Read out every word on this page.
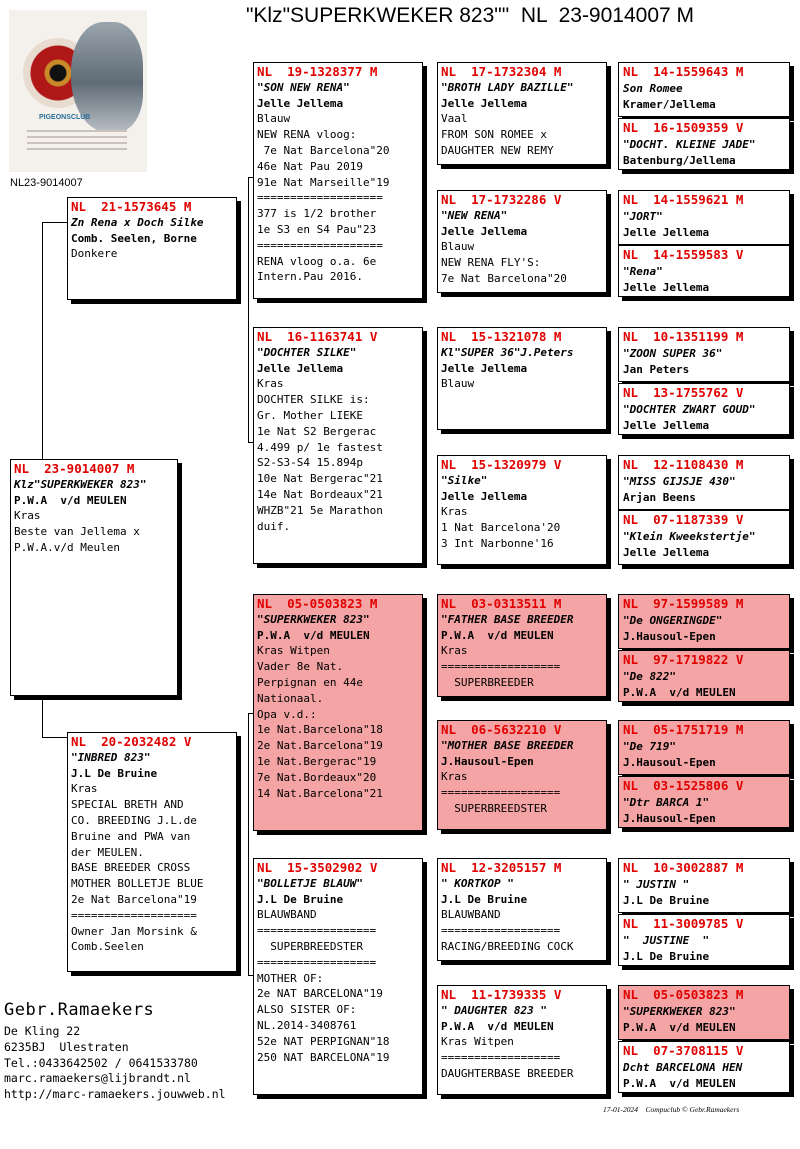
"Klz"SUPERKWEKER 823""  NL  23-9014007 M
PIGEONSCLUB
NL23-9014007
NL  23-9014007 M
Klz"SUPERKWEKER 823"
P.W.A  v/d MEULEN
Kras
Beste van Jellema x
P.W.A.v/d Meulen
NL  21-1573645 M
Zn Rena x Doch Silke
Comb. Seelen, Borne
Donkere
NL  20-2032482 V
"INBRED 823"
J.L De Bruine
Kras
SPECIAL BRETH AND
CO. BREEDING J.L.de
Bruine and PWA van
der MEULEN.
BASE BREEDER CROSS
MOTHER BOLLETJE BLUE
2e Nat Barcelona"19
===================
Owner Jan Morsink &
Comb.Seelen
NL  19-1328377 M
"SON NEW RENA"
Jelle Jellema
Blauw
NEW RENA vloog:
7e Nat Barcelona"20
46e Nat Pau 2019
91e Nat Marseille"19
===================
377 is 1/2 brother
1e S3 en S4 Pau"23
===================
RENA vloog o.a. 6e
Intern.Pau 2016.
NL  16-1163741 V
"DOCHTER SILKE"
Jelle Jellema
Kras
DOCHTER SILKE is:
Gr. Mother LIEKE
1e Nat S2 Bergerac
4.499 p/ 1e fastest
S2-S3-S4 15.894p
10e Nat Bergerac"21
14e Nat Bordeaux"21
WHZB"21 5e Marathon
duif.
NL  05-0503823 M
"SUPERKWEKER 823"
P.W.A  v/d MEULEN
Kras Witpen
Vader 8e Nat.
Perpignan en 44e
Nationaal.
Opa v.d.:
1e Nat.Barcelona"18
2e Nat.Barcelona"19
1e Nat.Bergerac"19
7e Nat.Bordeaux"20
14 Nat.Barcelona"21
NL  15-3502902 V
"BOLLETJE BLAUW"
J.L De Bruine
BLAUWBAND
==================
SUPERBREEDSTER
==================
MOTHER OF:
2e NAT BARCELONA"19
ALSO SISTER OF:
NL.2014-3408761
52e NAT PERPIGNAN"18
250 NAT BARCELONA"19
NL  17-1732304 M
"BROTH LADY BAZILLE"
Jelle Jellema
Vaal
FROM SON ROMEE x
DAUGHTER NEW REMY
NL  17-1732286 V
"NEW RENA"
Jelle Jellema
Blauw
NEW RENA FLY'S:
7e Nat Barcelona"20
NL  15-1321078 M
Kl"SUPER 36"J.Peters
Jelle Jellema
Blauw
NL  15-1320979 V
"Silke"
Jelle Jellema
Kras
1 Nat Barcelona'20
3 Int Narbonne'16
NL  03-0313511 M
"FATHER BASE BREEDER
P.W.A  v/d MEULEN
Kras
==================
SUPERBREEDER
NL  06-5632210 V
"MOTHER BASE BREEDER
J.Hausoul-Epen
Kras
==================
SUPERBREEDSTER
NL  12-3205157 M
" KORTKOP "
J.L De Bruine
BLAUWBAND
==================
RACING/BREEDING COCK
NL  11-1739335 V
" DAUGHTER 823 "
P.W.A  v/d MEULEN
Kras Witpen
==================
DAUGHTERBASE BREEDER
NL  14-1559643 M
Son Romee
Kramer/Jellema
NL  16-1509359 V
"DOCHT. KLEINE JADE"
Batenburg/Jellema
NL  14-1559621 M
"JORT"
Jelle Jellema
NL  14-1559583 V
"Rena"
Jelle Jellema
NL  10-1351199 M
"ZOON SUPER 36"
Jan Peters
NL  13-1755762 V
"DOCHTER ZWART GOUD"
Jelle Jellema
NL  12-1108430 M
"MISS GIJSJE 430"
Arjan Beens
NL  07-1187339 V
"Klein Kweekstertje"
Jelle Jellema
NL  97-1599589 M
"De ONGERINGDE"
J.Hausoul-Epen
NL  97-1719822 V
"De 822"
P.W.A  v/d MEULEN
NL  05-1751719 M
"De 719"
J.Hausoul-Epen
NL  03-1525806 V
"Dtr BARCA 1"
J.Hausoul-Epen
NL  10-3002887 M
" JUSTIN "
J.L De Bruine
NL  11-3009785 V
"  JUSTINE  "
J.L De Bruine
NL  05-0503823 M
"SUPERKWEKER 823"
P.W.A  v/d MEULEN
NL  07-3708115 V
Dcht BARCELONA HEN
P.W.A  v/d MEULEN
Gebr.Ramaekers
De Kling 22
6235BJ  Ulestraten
Tel.:0433642502 / 0641533780
marc.ramaekers@lijbrandt.nl
http://marc-ramaekers.jouwweb.nl
17-01-2024    Compuclub © Gebr.Ramaekers
